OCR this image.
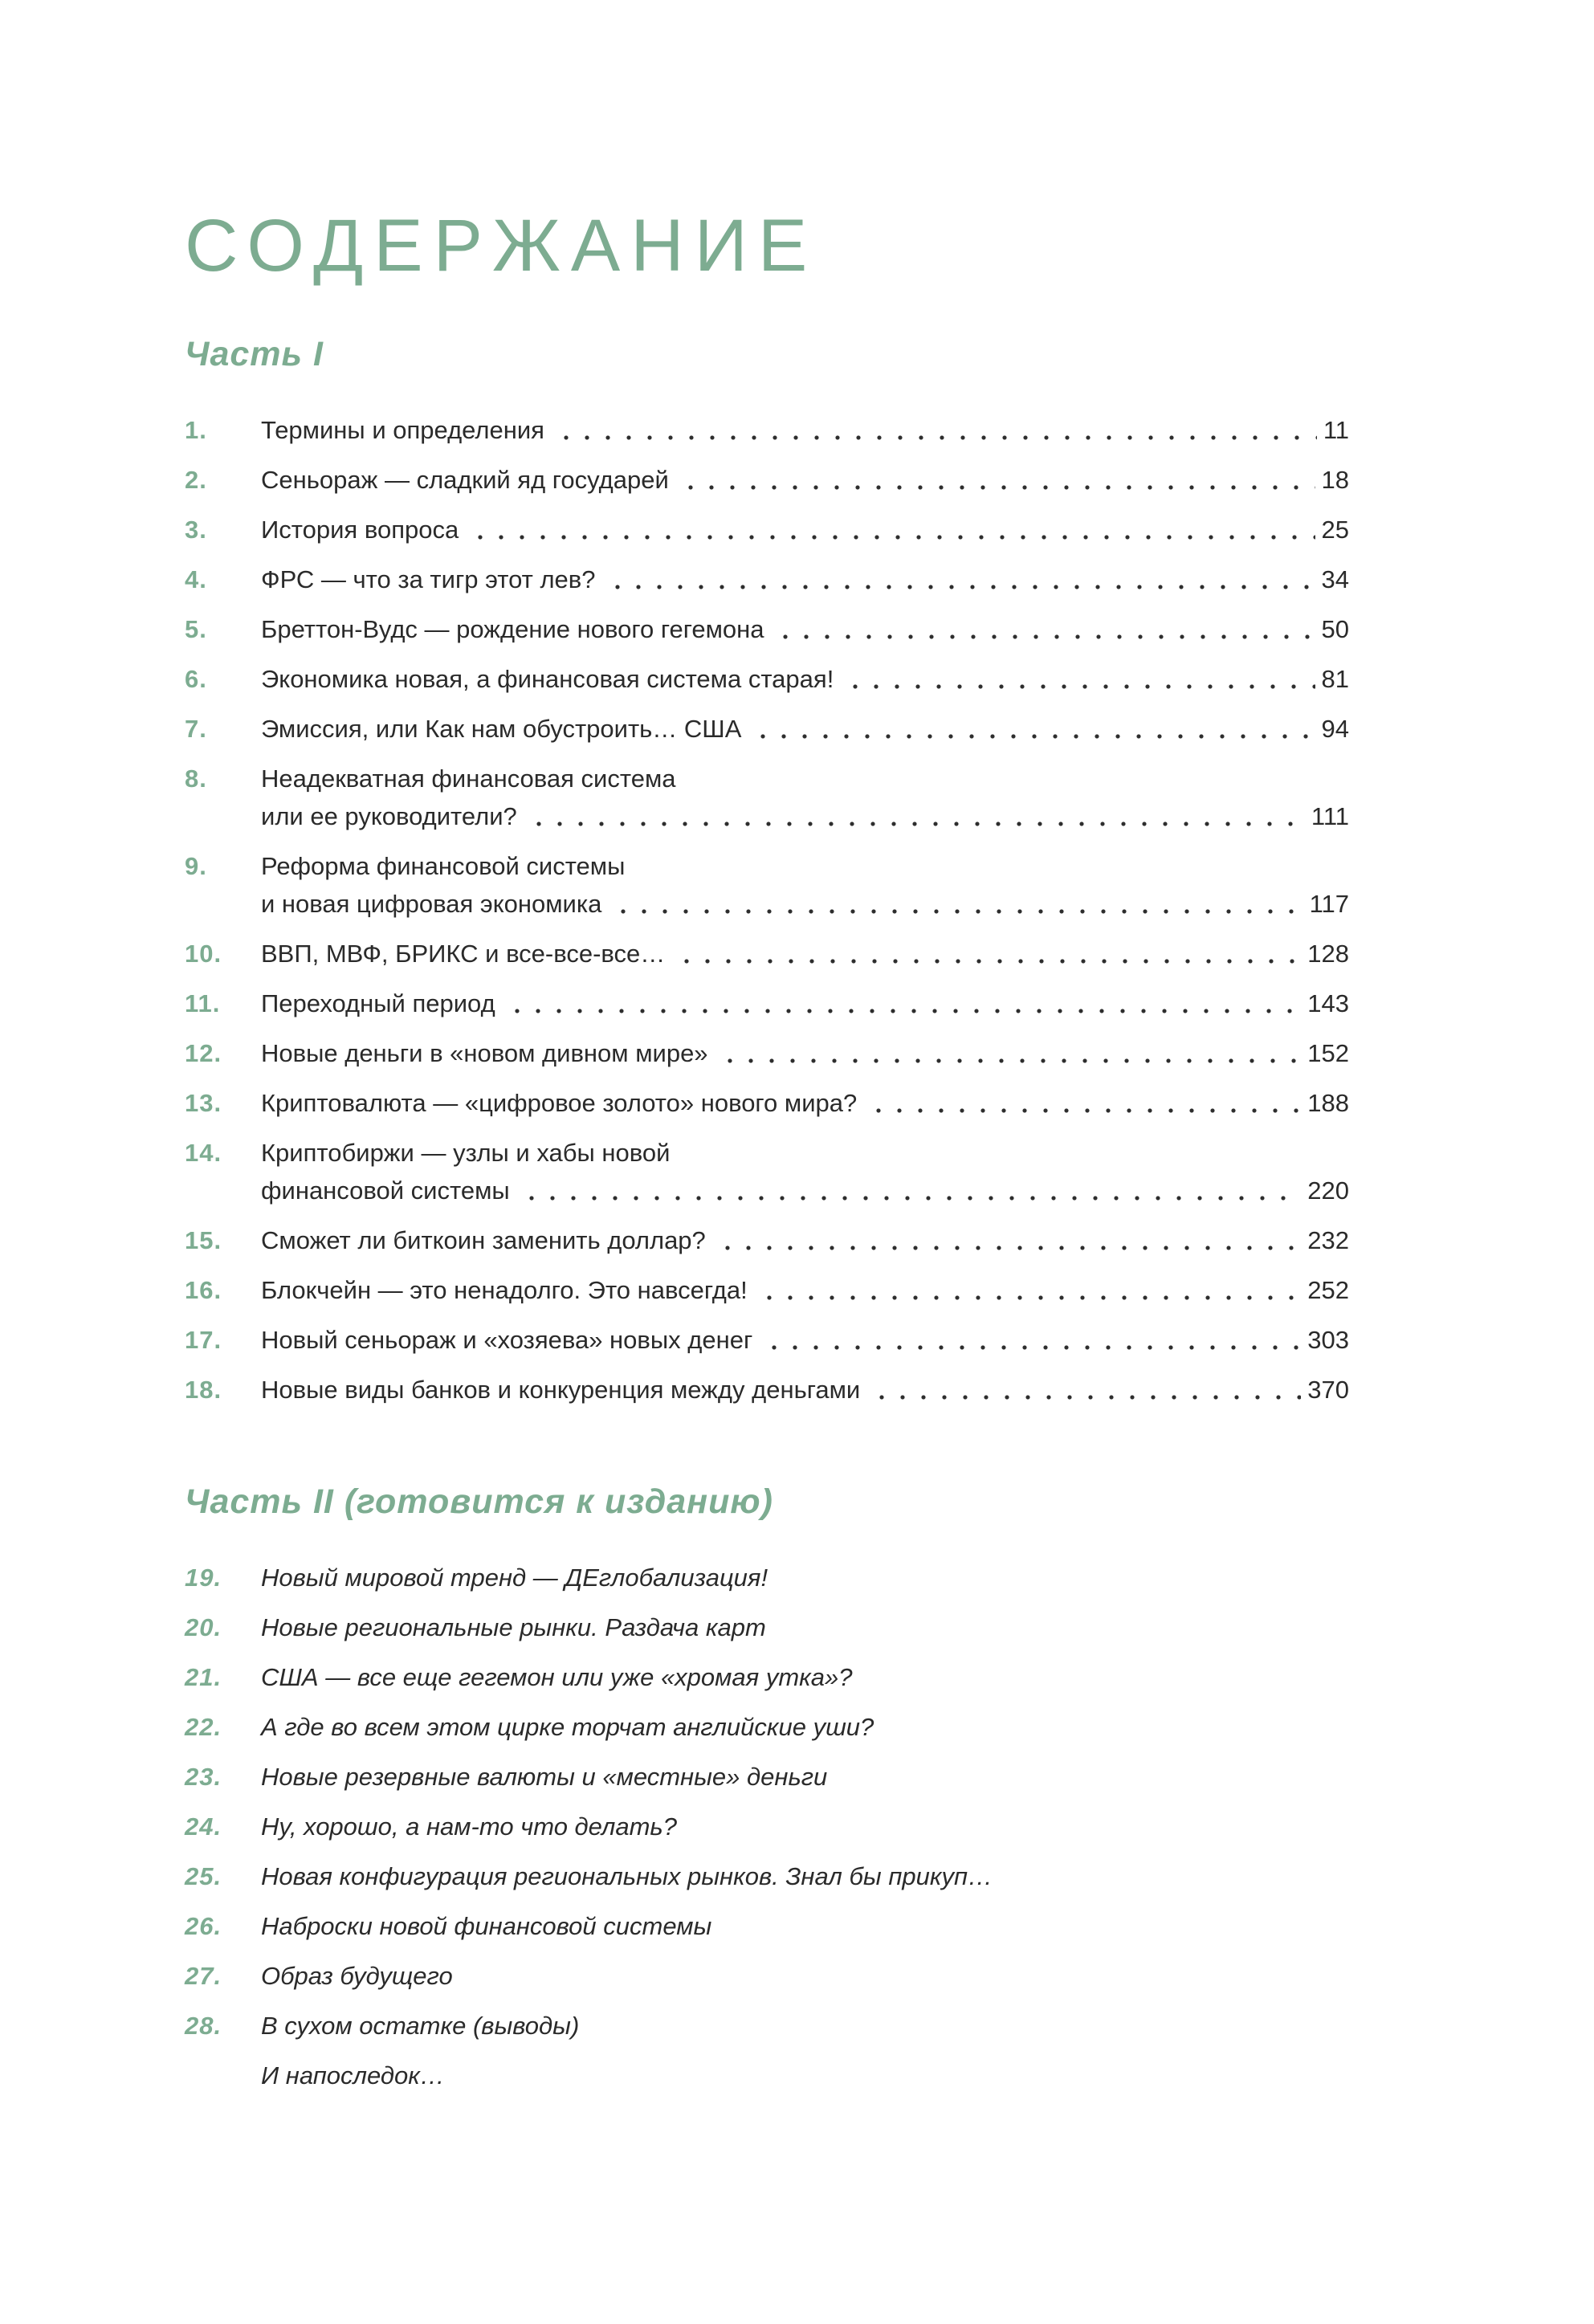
СОДЕРЖАНИЕ
Часть I
1.	Термины и определения	11
2.	Сеньораж — сладкий яд государей	18
3.	История вопроса	25
4.	ФРС — что за тигр этот лев?	34
5.	Бреттон-Вудс — рождение нового гегемона	50
6.	Экономика новая, а финансовая система старая!	81
7.	Эмиссия, или Как нам обустроить… США	94
8.	Неадекватная финансовая система
или ее руководители?	111
9.	Реформа финансовой системы
и новая цифровая экономика	117
10.	ВВП, МВФ, БРИКС и все-все-все…	128
11.	Переходный период	143
12.	Новые деньги в «новом дивном мире»	152
13.	Криптовалюта — «цифровое золото» нового мира?	188
14.	Криптобиржи — узлы и хабы новой
финансовой системы	220
15.	Сможет ли биткоин заменить доллар?	232
16.	Блокчейн — это ненадолго. Это навсегда!	252
17.	Новый сеньораж и «хозяева» новых денег	303
18.	Новые виды банков и конкуренция между деньгами	370
Часть II (готовится к изданию)
19.	Новый мировой тренд — ДЕглобализация!
20.	Новые региональные рынки. Раздача карт
21.	США — все еще гегемон или уже «хромая утка»?
22.	А где во всем этом цирке торчат английские уши?
23.	Новые резервные валюты и «местные» деньги
24.	Ну, хорошо, а нам-то что делать?
25.	Новая конфигурация региональных рынков. Знал бы прикуп…
26.	Наброски новой финансовой системы
27.	Образ будущего
28.	В сухом остатке (выводы)
И напоследок…
